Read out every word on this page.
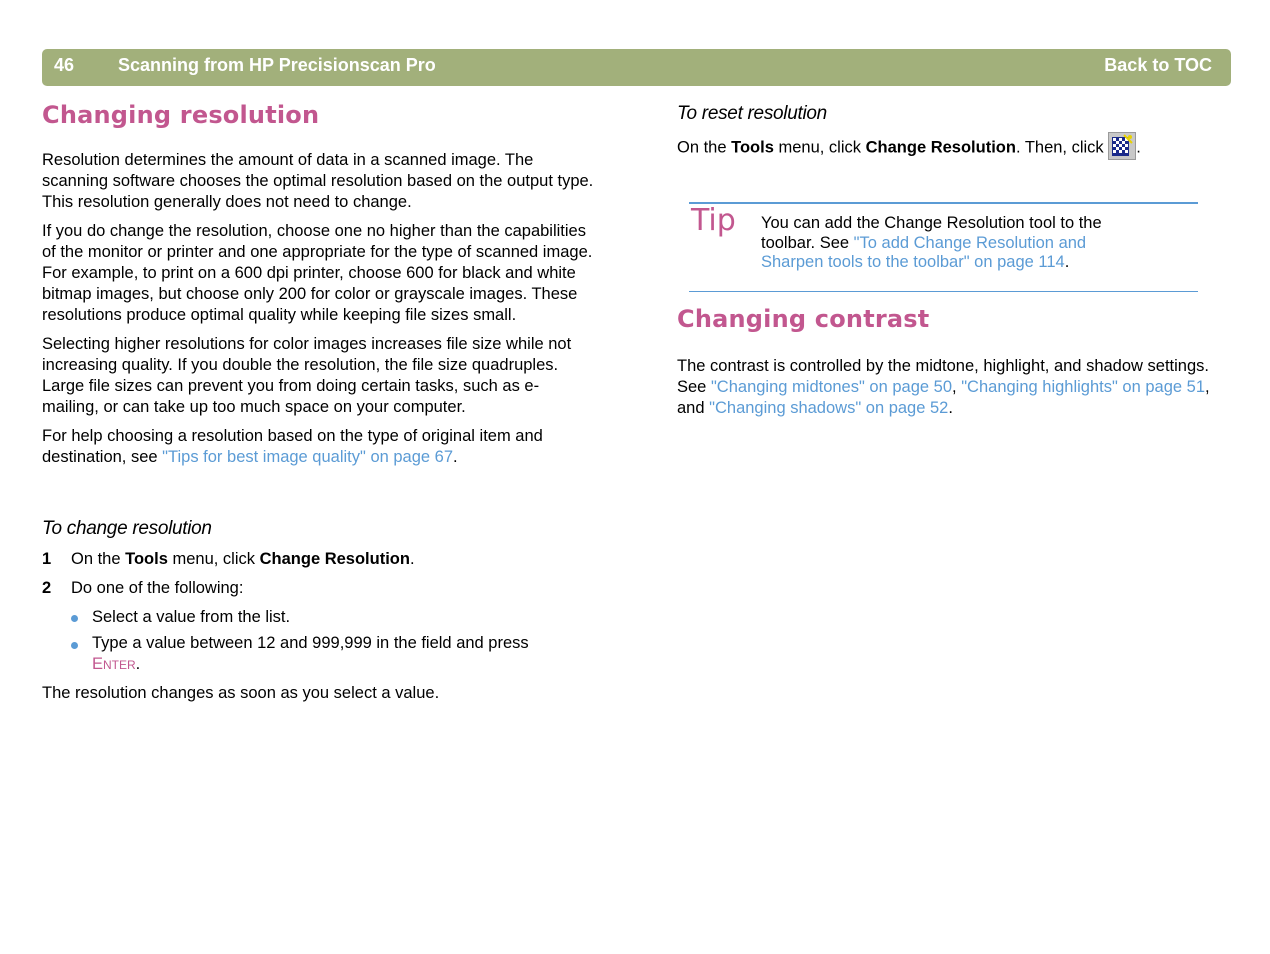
46 Scanning from HP Precisionscan Pro	Back to TOC
Changing resolution

Resolution determines the amount of data in a scanned image. The scanning software chooses the optimal resolution based on the output type. This resolution generally does not need to change.

If you do change the resolution, choose one no higher than the capabilities of the monitor or printer and one appropriate for the type of scanned image. For example, to print on a 600 dpi printer, choose 600 for black and white bitmap images, but choose only 200 for color or grayscale images. These resolutions produce optimal quality while keeping file sizes small.

Selecting higher resolutions for color images increases file size while not increasing quality. If you double the resolution, the file size quadruples. Large file sizes can prevent you from doing certain tasks, such as e-mailing, or can take up too much space on your computer.

For help choosing a resolution based on the type of original item and destination, see "Tips for best image quality" on page 67.

To change resolution
1 On the Tools menu, click Change Resolution.
2 Do one of the following:
Select a value from the list.
Type a value between 12 and 999,999 in the field and press
Enter.
The resolution changes as soon as you select a value.
To reset resolution
On the Tools menu, click Change Resolution. Then, click .
Tip You can add the Change Resolution tool to the toolbar. See "To add Change Resolution and Sharpen tools to the toolbar" on page 114.
Changing contrast
The contrast is controlled by the midtone, highlight, and shadow settings. See "Changing midtones" on page 50, "Changing highlights" on page 51, and "Changing shadows" on page 52.
